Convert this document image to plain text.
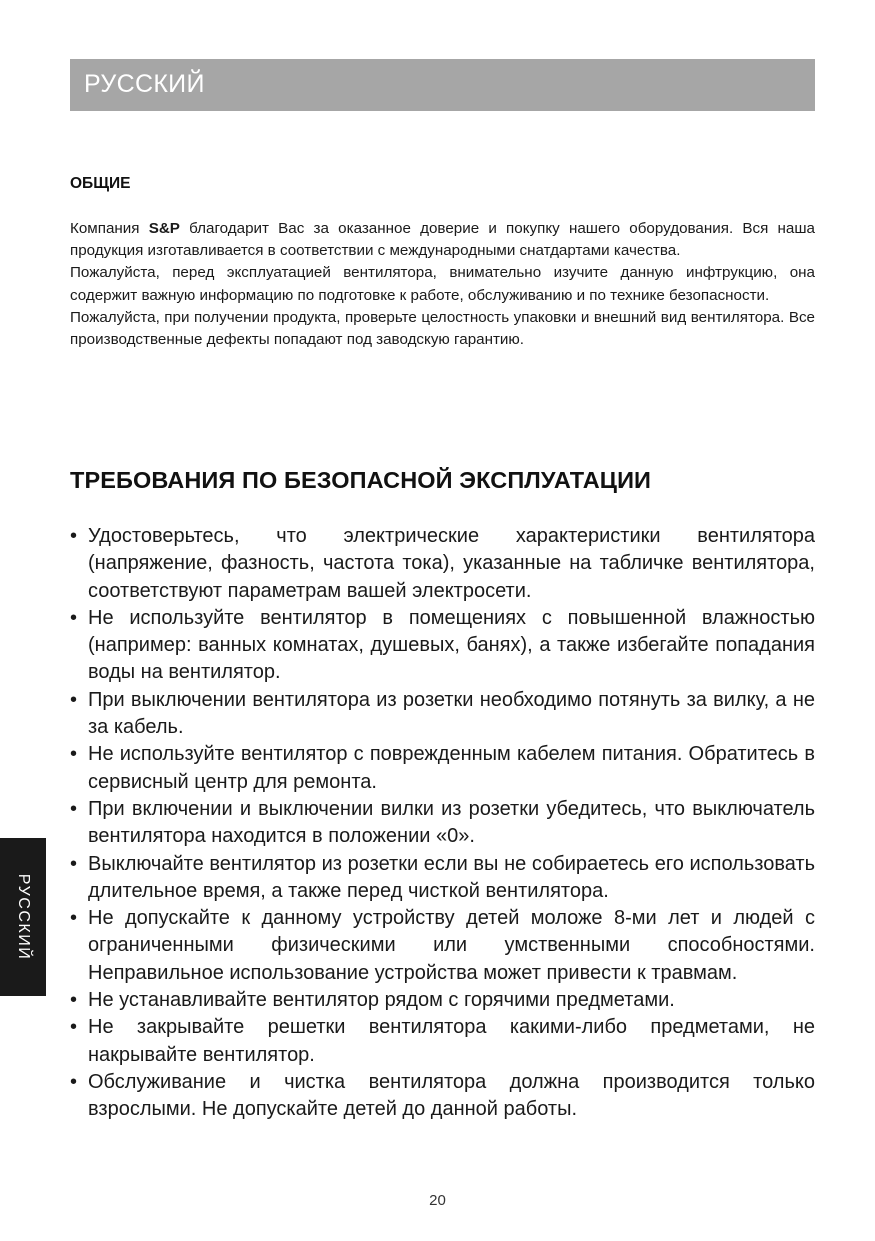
РУССКИЙ
РУССКИЙ
ОБЩИЕ

Компания S&P благодарит Вас за оказанное доверие и покупку нашего оборудования. Вся наша продукция изготавливается в соответствии с международными снатдартами качества.

Пожалуйста, перед эксплуатацией вентилятора, внимательно изучите данную инфтрукцию, она содержит важную информацию по подготовке к работе, обслуживанию и по технике безопасности.

Пожалуйста, при получении продукта, проверьте целостность упаковки и внешний вид вентилятора. Все производственные дефекты попадают под заводскую гарантию.

ТРЕБОВАНИЯ ПО БЕЗОПАСНОЙ ЭКСПЛУАТАЦИИ
• Удостоверьтесь, что электрические характеристики вентилятора (напряжение, фазность, частота тока), указанные на табличке вентилятора, соответствуют параметрам вашей электросети.
• Не используйте вентилятор в помещениях с повышенной влажностью (например: ванных комнатах, душевых, банях), а также избегайте попадания воды на вентилятор.
• При выключении вентилятора из розетки необходимо потянуть за вилку, а не за кабель.
• Не используйте вентилятор с поврежденным кабелем питания. Обратитесь в сервисный центр для ремонта.
• При включении и выключении вилки из розетки убедитесь, что выключатель вентилятора находится в положении «0».
• Выключайте вентилятор из розетки если вы не собираетесь его использовать длительное время, а также перед чисткой вентилятора.
• Не допускайте к данному устройству детей моложе 8-ми лет и людей с ограниченными физическими или умственными способностями. Неправильное использование устройства может привести к травмам.
• Не устанавливайте вентилятор рядом с горячими предметами.
• Не закрывайте решетки вентилятора какими-либо предметами, не накрывайте вентилятор.
• Обслуживание и чистка вентилятора должна производится только взрослыми. Не допускайте детей до данной работы.
20
